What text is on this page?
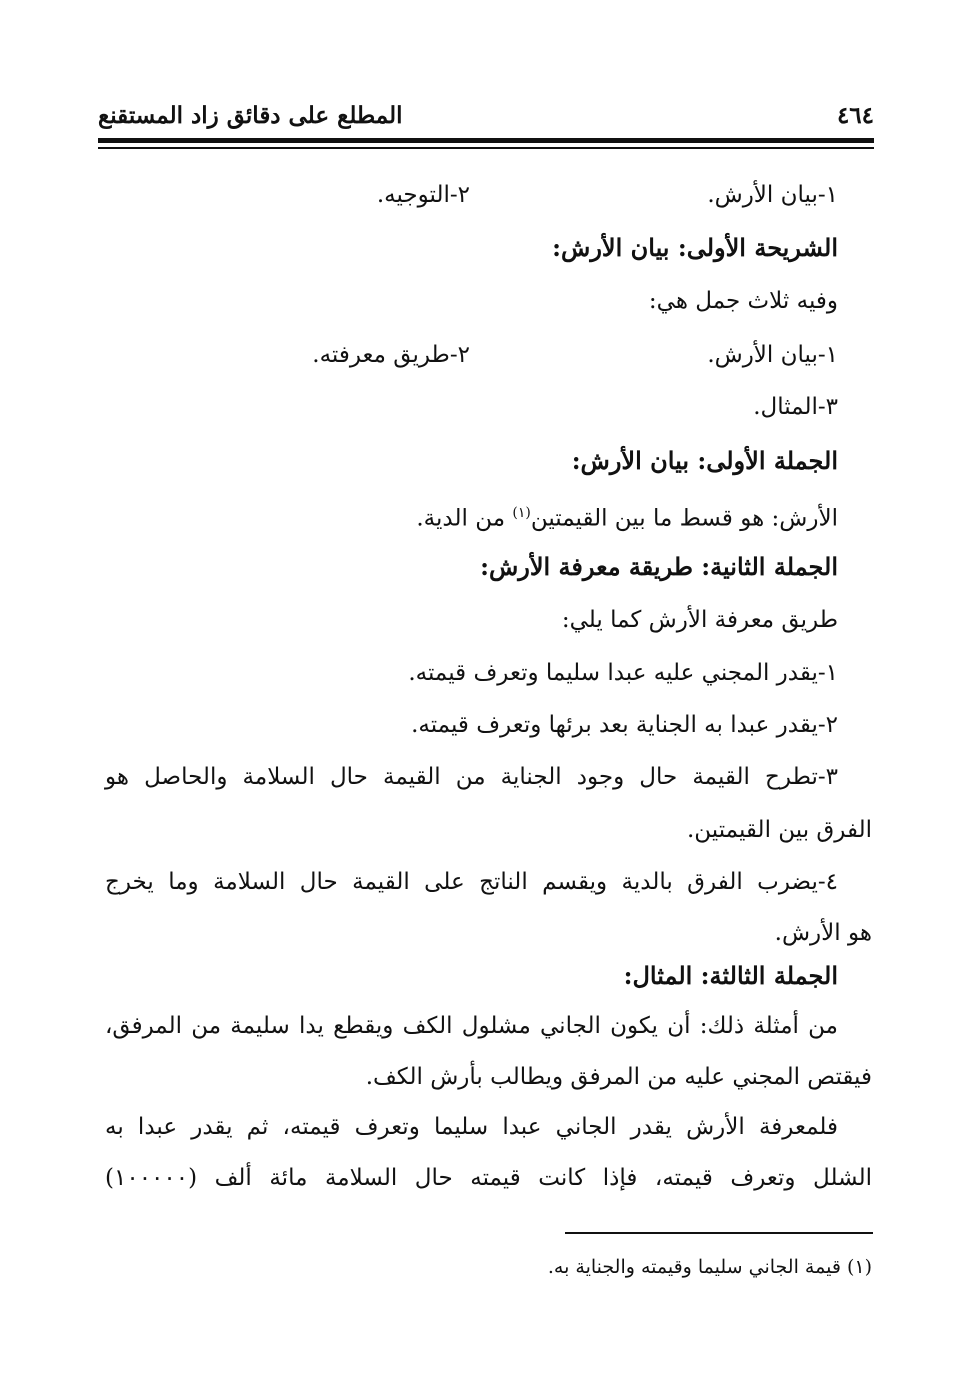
٤٦٤
المطلع على دقائق زاد المستقنع
١-بيان الأرش.
٢-التوجيه.
الشريحة الأولى: بيان الأرش:
وفيه ثلاث جمل هي:
١-بيان الأرش.
٢-طريق معرفته.
٣-المثال.
الجملة الأولى: بيان الأرش:
الأرش: هو قسط ما بين القيمتين$^{(١)}$ من الدية.
الجملة الثانية: طريقة معرفة الأرش:
طريق معرفة الأرش كما يلي:
١-يقدر المجني عليه عبدا سليما وتعرف قيمته.
٢-يقدر عبدا به الجناية بعد برئها وتعرف قيمته.
٣-تطرح القيمة حال وجود الجناية من القيمة حال السلامة والحاصل هو
الفرق بين القيمتين.
٤-يضرب الفرق بالدية ويقسم الناتج على القيمة حال السلامة وما يخرج
هو الأرش.
الجملة الثالثة: المثال:
من أمثلة ذلك: أن يكون الجاني مشلول الكف ويقطع يدا سليمة من المرفق،
فيقتص المجني عليه من المرفق ويطالب بأرش الكف.
فلمعرفة الأرش يقدر الجاني عبدا سليما وتعرف قيمته، ثم يقدر عبدا به
الشلل وتعرف قيمته، فإذا كانت قيمته حال السلامة مائة ألف (١٠٠٠٠٠)
(١) قيمة الجاني سليما وقيمته والجناية به.
